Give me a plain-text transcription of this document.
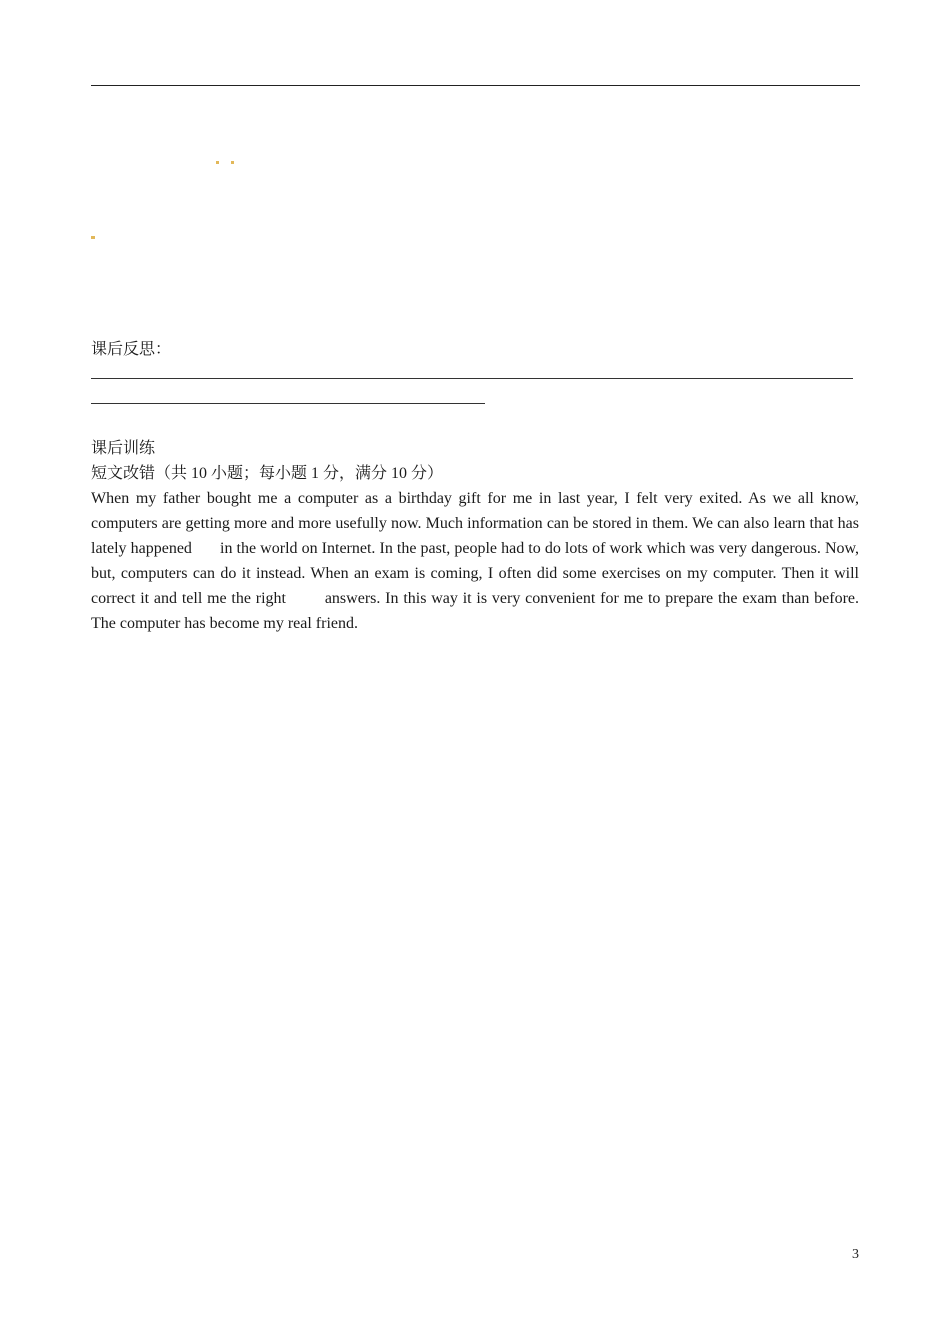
课后反思：
课后训练
短文改错（共 10 小题；每小题 1 分，满分 10 分）
When my father bought me a computer as a birthday gift for me in last year, I felt very exited. As we all know, computers are getting more and more usefully now. Much information can be stored in them. We can also learn that has lately happened in the world on Internet. In the past, people had to do lots of work which was very dangerous. Now, but, computers can do it instead. When an exam is coming, I often did some exercises on my computer. Then it will correct it and tell me the right answers. In this way it is very convenient for me to prepare the exam than before. The computer has become my real friend.
3
